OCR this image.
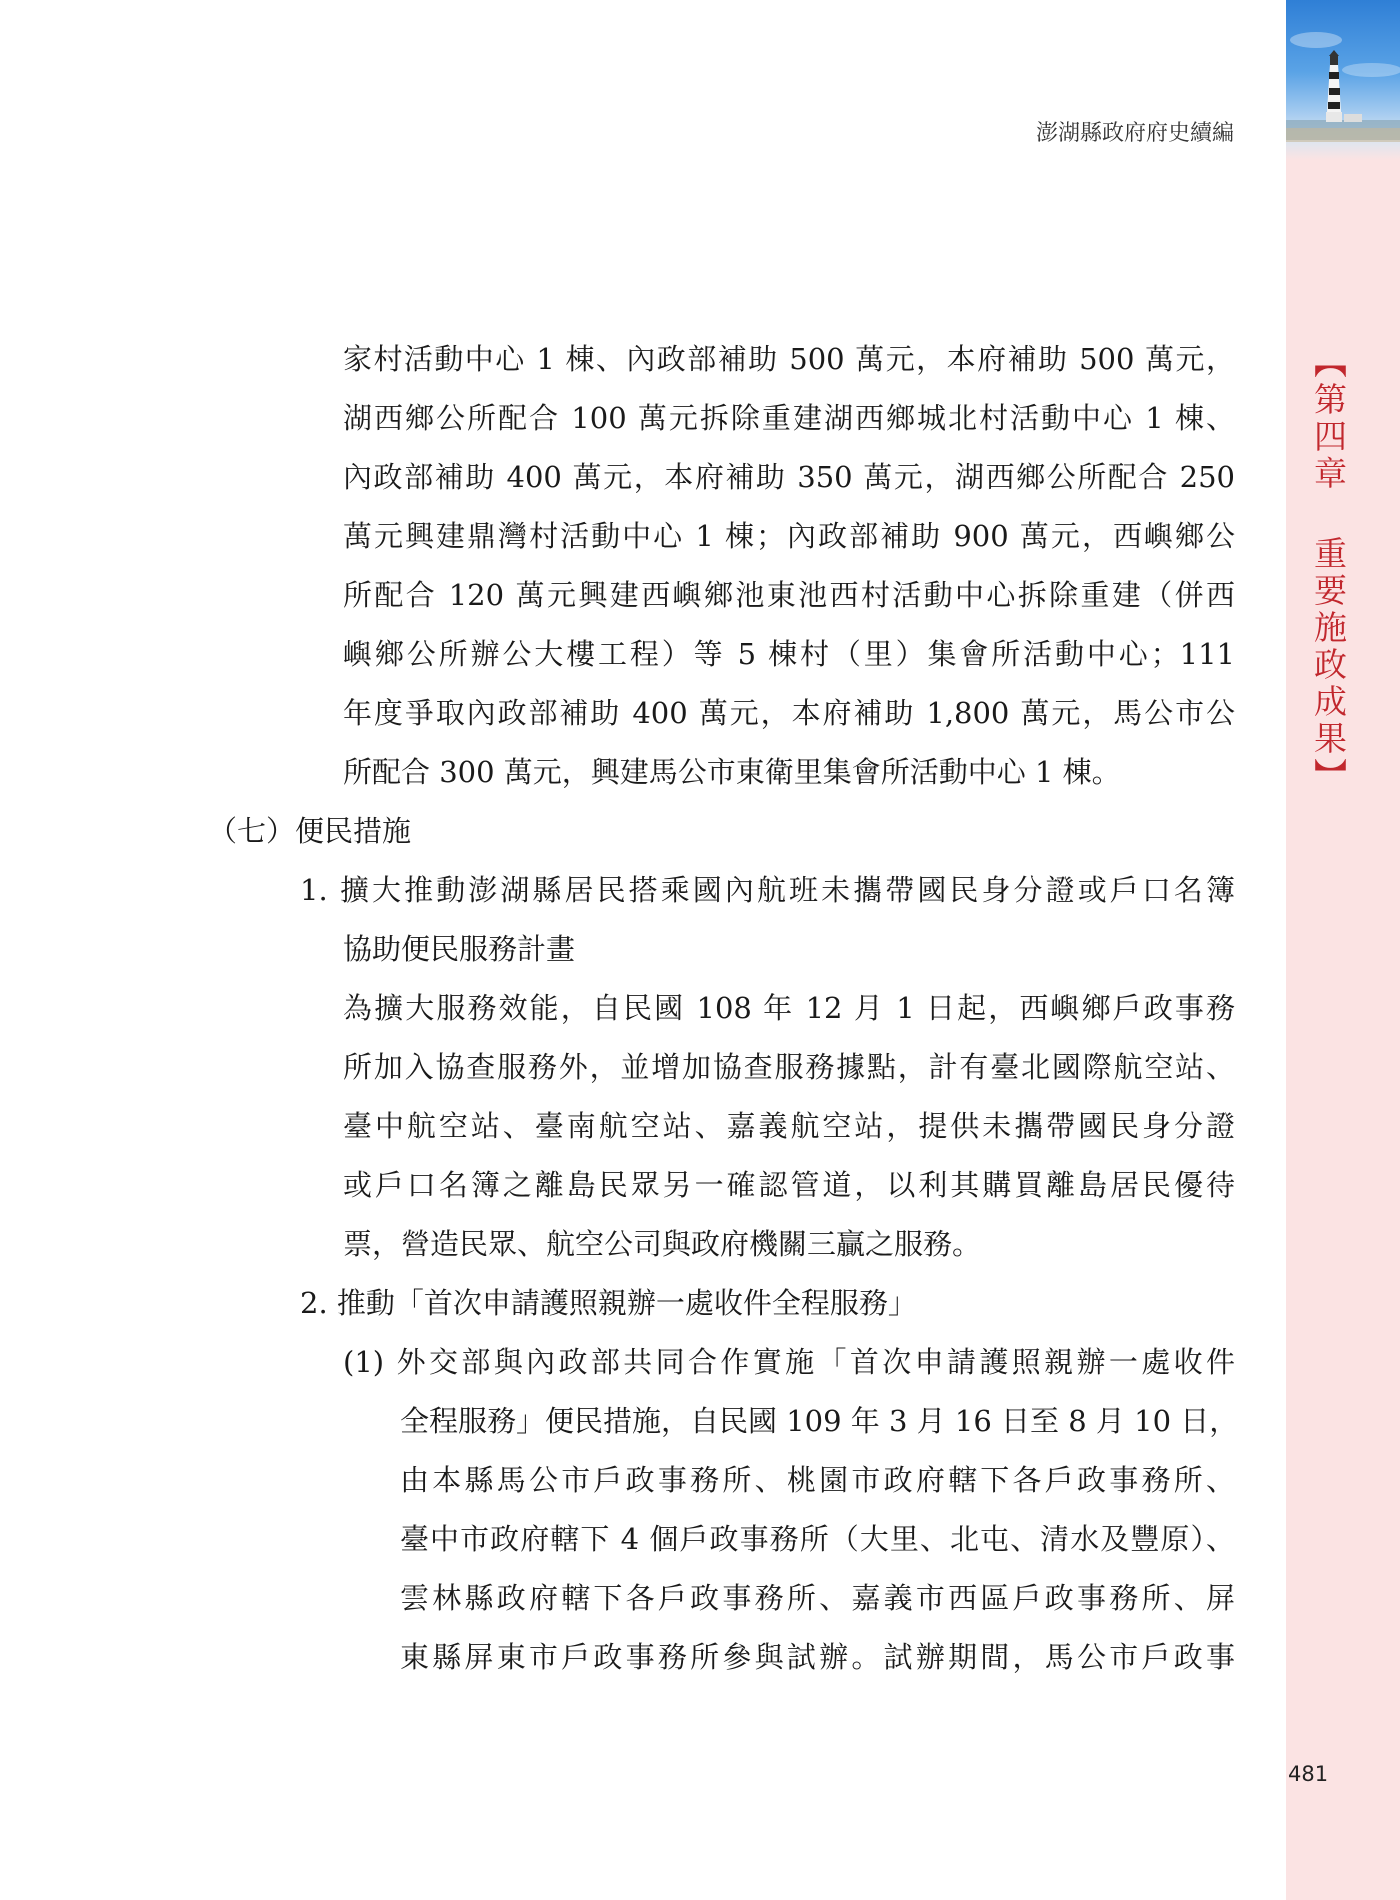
【第四章 重要施政成果】
澎湖縣政府府史續編
家村活動中心 1 棟、內政部補助 500 萬元，本府補助 500 萬元，
湖西鄉公所配合 100 萬元拆除重建湖西鄉城北村活動中心 1 棟、
內政部補助 400 萬元，本府補助 350 萬元，湖西鄉公所配合 250
萬元興建鼎灣村活動中心 1 棟；內政部補助 900 萬元，西嶼鄉公
所配合 120 萬元興建西嶼鄉池東池西村活動中心拆除重建（併西
嶼鄉公所辦公大樓工程）等 5 棟村（里）集會所活動中心；111
年度爭取內政部補助 400 萬元，本府補助 1,800 萬元，馬公市公
所配合 300 萬元，興建馬公市東衛里集會所活動中心 1 棟。
（七）便民措施
1. 擴大推動澎湖縣居民搭乘國內航班未攜帶國民身分證或戶口名簿
協助便民服務計畫
為擴大服務效能，自民國 108 年 12 月 1 日起，西嶼鄉戶政事務
所加入協查服務外，並增加協查服務據點，計有臺北國際航空站、
臺中航空站、臺南航空站、嘉義航空站，提供未攜帶國民身分證
或戶口名簿之離島民眾另一確認管道，以利其購買離島居民優待
票，營造民眾、航空公司與政府機關三贏之服務。
2. 推動「首次申請護照親辦一處收件全程服務」
(1) 外交部與內政部共同合作實施「首次申請護照親辦一處收件
全程服務」便民措施，自民國 109 年 3 月 16 日至 8 月 10 日，
由本縣馬公市戶政事務所、桃園市政府轄下各戶政事務所、
臺中市政府轄下 4 個戶政事務所（大里、北屯、清水及豐原）、
雲林縣政府轄下各戶政事務所、嘉義市西區戶政事務所、屏
東縣屏東市戶政事務所參與試辦。試辦期間，馬公市戶政事
481
